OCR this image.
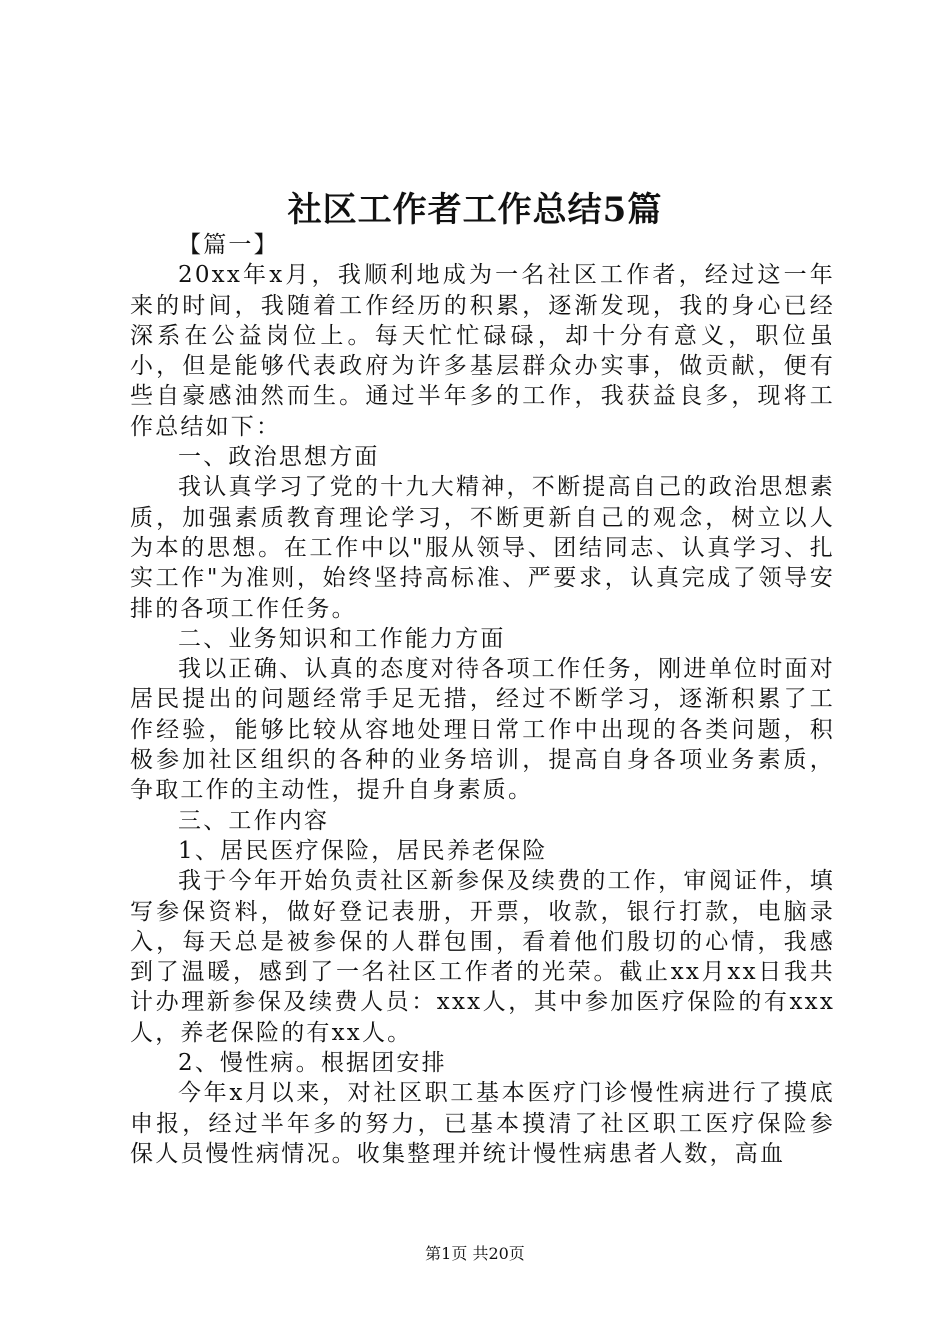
社区工作者工作总结5篇

【篇一】

20xx年x月，我顺利地成为一名社区工作者，经过这一年来的时间，我随着工作经历的积累，逐渐发现，我的身心已经深系在公益岗位上。每天忙忙碌碌，却十分有意义，职位虽小，但是能够代表政府为许多基层群众办实事，做贡献，便有些自豪感油然而生。通过半年多的工作，我获益良多，现将工作总结如下：

一、政治思想方面

我认真学习了党的十九大精神，不断提高自己的政治思想素质，加强素质教育理论学习，不断更新自己的观念，树立以人为本的思想。在工作中以"服从领导、团结同志、认真学习、扎实工作"为准则，始终坚持高标准、严要求，认真完成了领导安排的各项工作任务。

二、业务知识和工作能力方面

我以正确、认真的态度对待各项工作任务，刚进单位时面对居民提出的问题经常手足无措，经过不断学习，逐渐积累了工作经验，能够比较从容地处理日常工作中出现的各类问题，积极参加社区组织的各种的业务培训，提高自身各项业务素质，争取工作的主动性，提升自身素质。

三、工作内容

1、居民医疗保险，居民养老保险

我于今年开始负责社区新参保及续费的工作，审阅证件，填写参保资料，做好登记表册，开票，收款，银行打款，电脑录入，每天总是被参保的人群包围，看着他们殷切的心情，我感到了温暖，感到了一名社区工作者的光荣。截止xx月xx日我共计办理新参保及续费人员：xxx人，其中参加医疗保险的有xxx人，养老保险的有xx人。

2、慢性病。根据团安排

今年x月以来，对社区职工基本医疗门诊慢性病进行了摸底申报，经过半年多的努力，已基本摸清了社区职工医疗保险参保人员慢性病情况。收集整理并统计慢性病患者人数，高血

第1页 共20页
